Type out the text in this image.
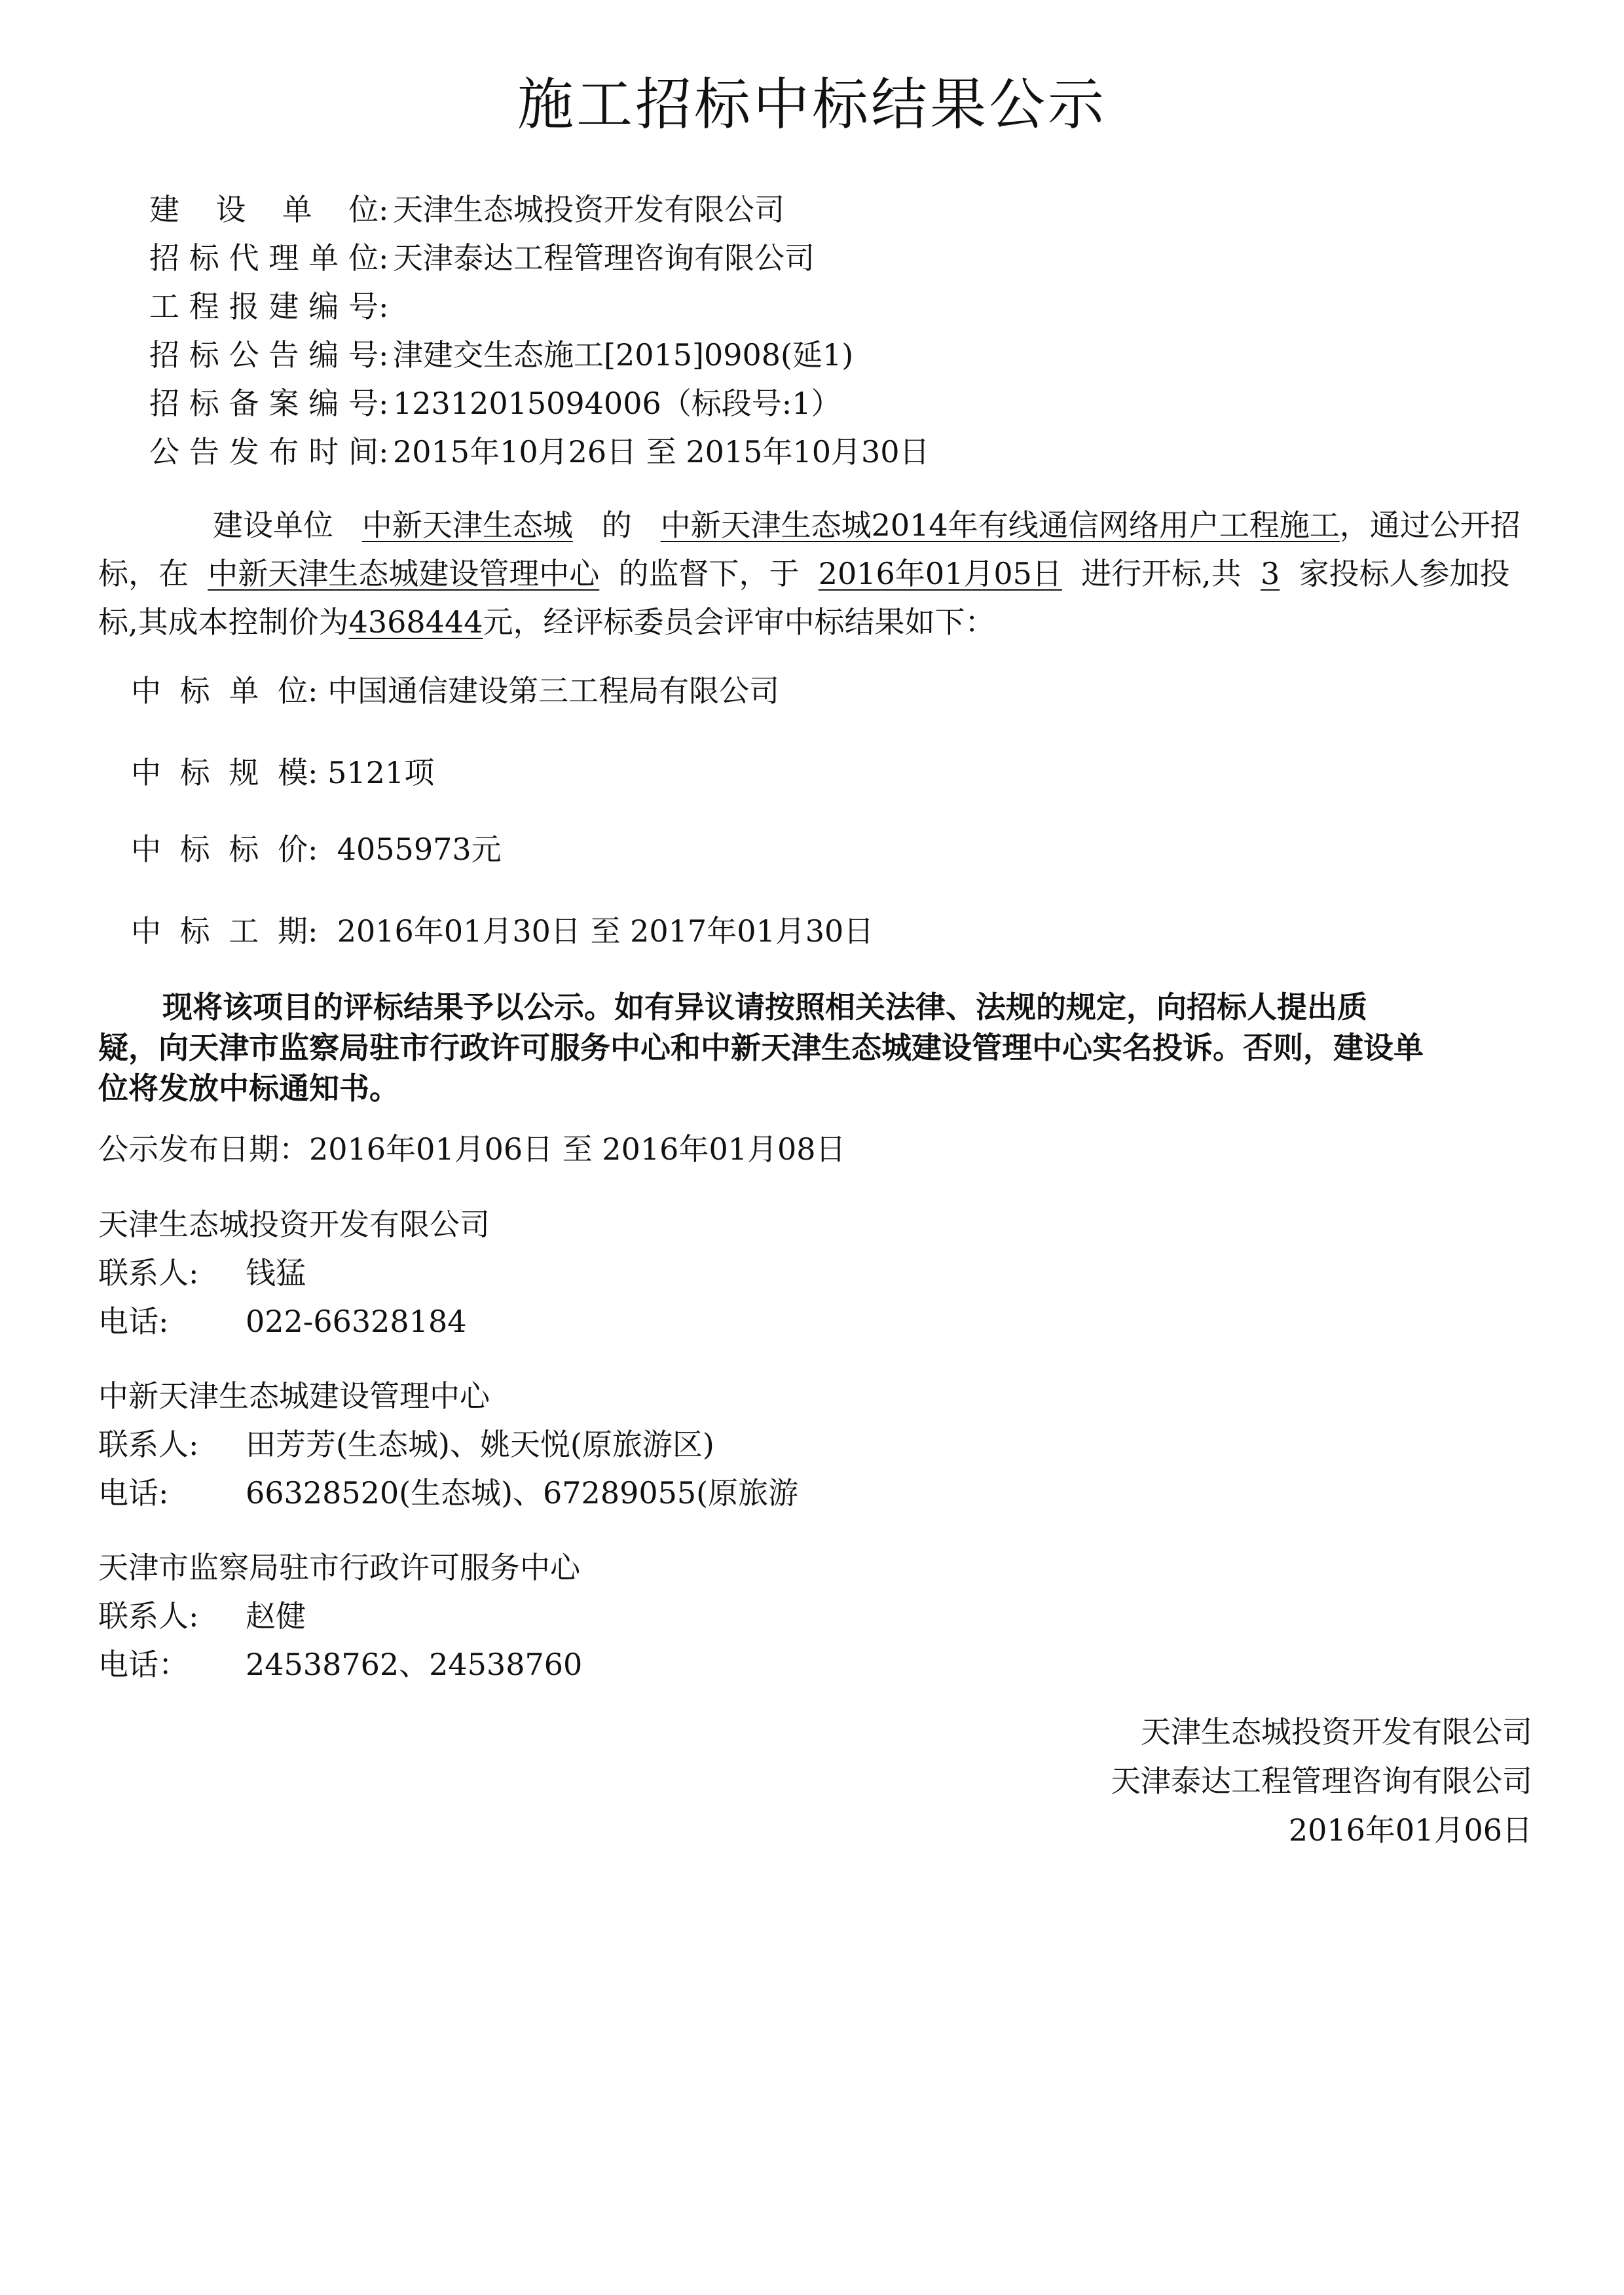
施工招标中标结果公示
建 设 单 位: 天津生态城投资开发有限公司
招标代理单位: 天津泰达工程管理咨询有限公司
工程报建编号:
招标公告编号: 津建交生态施工[2015]0908(延1)
招标备案编号: 12312015094006（标段号:1）
公告发布时间: 2015年10月26日 至 2015年10月30日
建设单位 中新天津生态城 的 中新天津生态城2014年有线通信网络用户工程施工，通过公开招
标，在 中新天津生态城建设管理中心 的监督下，于 2016年01月05日 进行开标,共 3 家投标人参加投
标,其成本控制价为4368444元，经评标委员会评审中标结果如下：
中 标 单 位: 中国通信建设第三工程局有限公司
中 标 规 模: 5121项
中 标 标 价:  4055973元
中 标 工 期:  2016年01月30日 至 2017年01月30日
现将该项目的评标结果予以公示。如有异议请按照相关法律、法规的规定，向招标人提出质
疑，向天津市监察局驻市行政许可服务中心和中新天津生态城建设管理中心实名投诉。否则，建设单
位将发放中标通知书。
公示发布日期：2016年01月06日 至 2016年01月08日
天津生态城投资开发有限公司
联系人: 钱猛
电话:	022-66328184
中新天津生态城建设管理中心
联系人: 田芳芳(生态城)、姚天悦(原旅游区)
电话:	66328520(生态城)、67289055(原旅游
天津市监察局驻市行政许可服务中心
联系人: 赵健
电话： 24538762、24538760
天津生态城投资开发有限公司
天津泰达工程管理咨询有限公司
2016年01月06日
